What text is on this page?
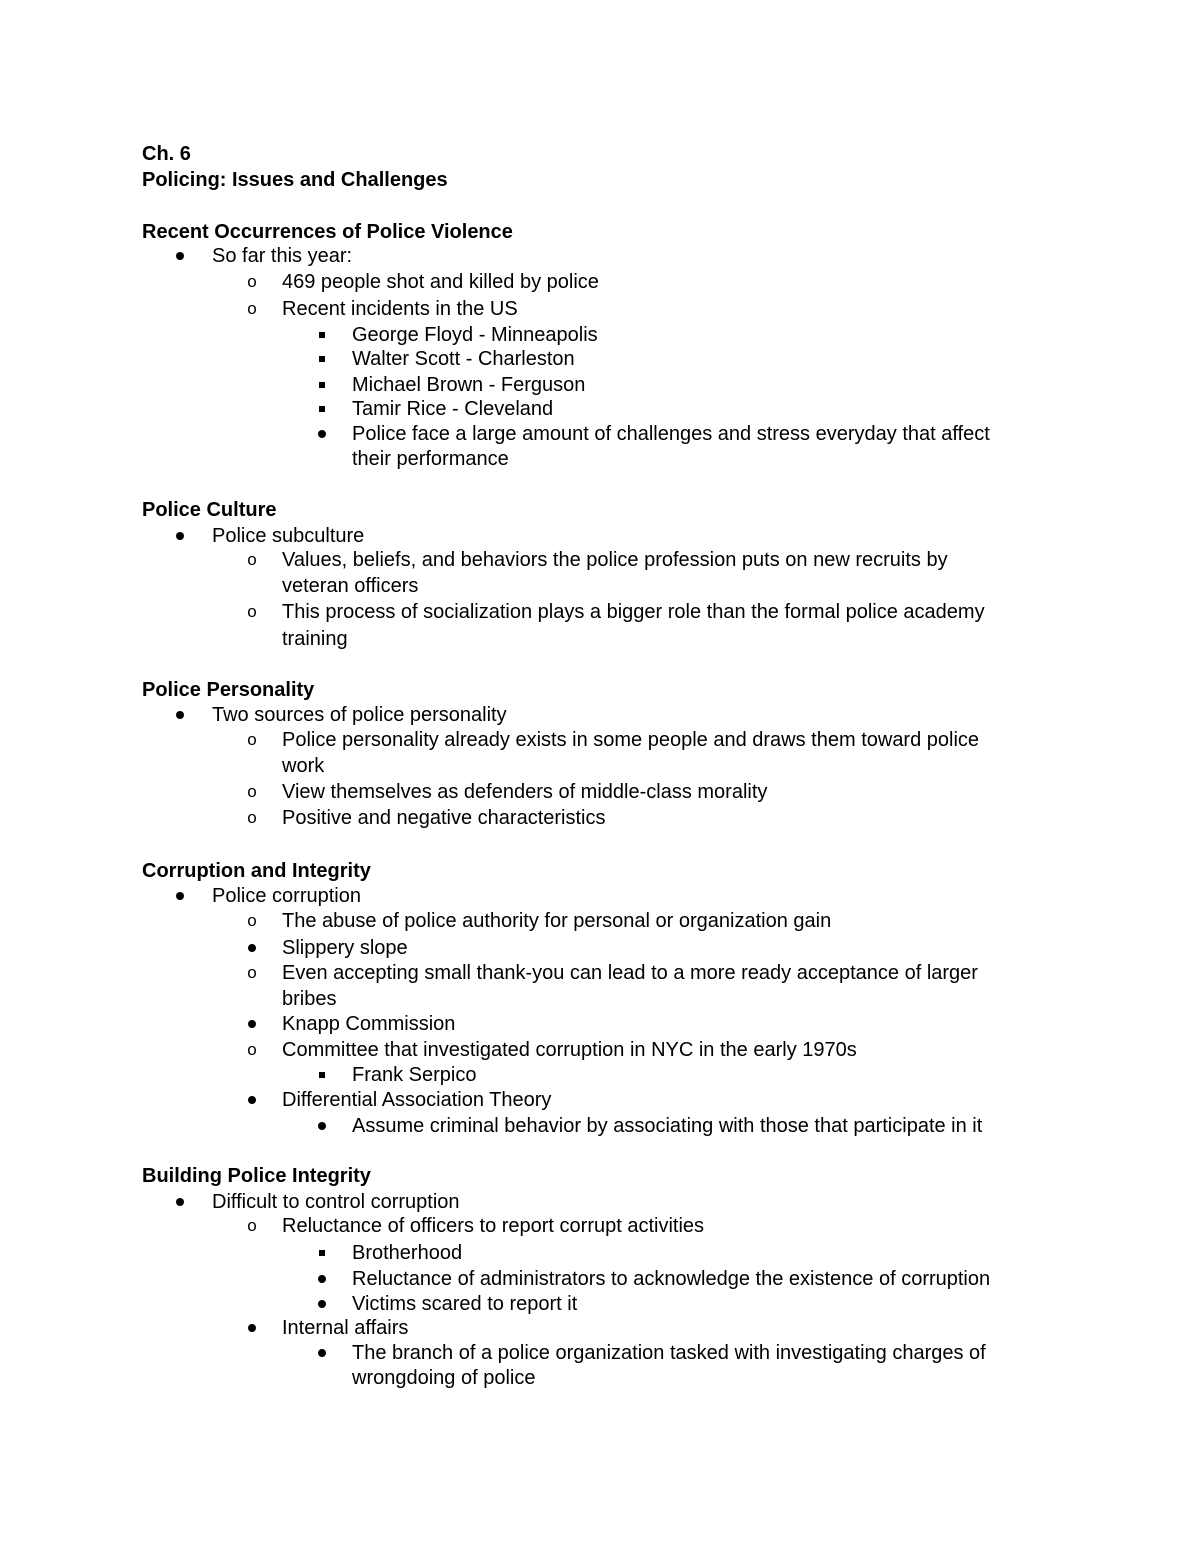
Ch. 6
Policing: Issues and Challenges
Recent Occurrences of Police Violence
So far this year:
o 469 people shot and killed by police
o Recent incidents in the US
George Floyd - Minneapolis
Walter Scott - Charleston
Michael Brown - Ferguson
Tamir Rice - Cleveland
Police face a large amount of challenges and stress everyday that affect
their performance
Police Culture
Police subculture
o Values, beliefs, and behaviors the police profession puts on new recruits by
veteran officers
o This process of socialization plays a bigger role than the formal police academy
training
Police Personality
Two sources of police personality
o Police personality already exists in some people and draws them toward police
work
o View themselves as defenders of middle-class morality
o Positive and negative characteristics
Corruption and Integrity
Police corruption
o The abuse of police authority for personal or organization gain
Slippery slope
o Even accepting small thank-you can lead to a more ready acceptance of larger
bribes
Knapp Commission
o Committee that investigated corruption in NYC in the early 1970s
Frank Serpico
Differential Association Theory
Assume criminal behavior by associating with those that participate in it
Building Police Integrity
Difficult to control corruption
o Reluctance of officers to report corrupt activities
Brotherhood
Reluctance of administrators to acknowledge the existence of corruption
Victims scared to report it
Internal affairs
The branch of a police organization tasked with investigating charges of
wrongdoing of police
